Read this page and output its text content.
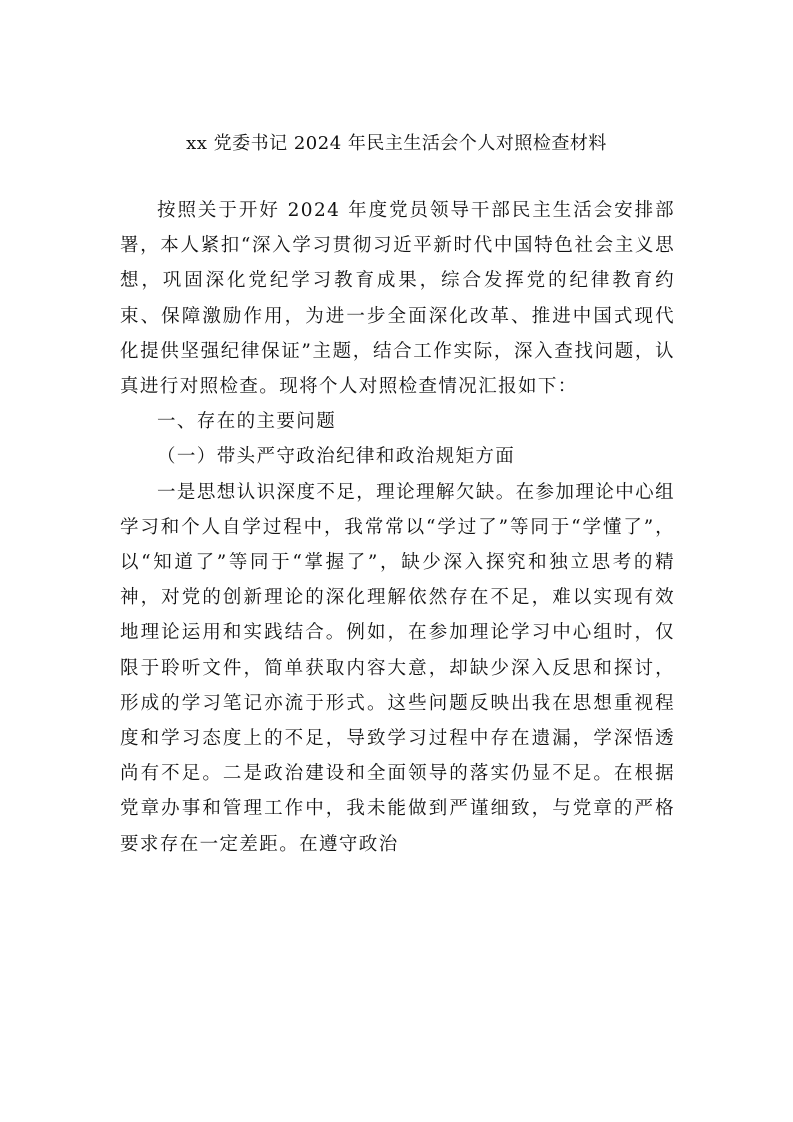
xx 党委书记 2024 年民主生活会个人对照检查材料

按照关于开好 2024 年度党员领导干部民主生活会安排部署，本人紧扣“深入学习贯彻习近平新时代中国特色社会主义思想，巩固深化党纪学习教育成果，综合发挥党的纪律教育约束、保障激励作用，为进一步全面深化改革、推进中国式现代化提供坚强纪律保证”主题，结合工作实际，深入查找问题，认真进行对照检查。现将个人对照检查情况汇报如下：

一、存在的主要问题

（一）带头严守政治纪律和政治规矩方面

一是思想认识深度不足，理论理解欠缺。在参加理论中心组学习和个人自学过程中，我常常以“学过了”等同于“学懂了”，以“知道了”等同于“掌握了”，缺少深入探究和独立思考的精神，对党的创新理论的深化理解依然存在不足，难以实现有效地理论运用和实践结合。例如，在参加理论学习中心组时，仅限于聆听文件，简单获取内容大意，却缺少深入反思和探讨，形成的学习笔记亦流于形式。这些问题反映出我在思想重视程度和学习态度上的不足，导致学习过程中存在遗漏，学深悟透尚有不足。二是政治建设和全面领导的落实仍显不足。在根据党章办事和管理工作中，我未能做到严谨细致，与党章的严格要求存在一定差距。在遵守政治
